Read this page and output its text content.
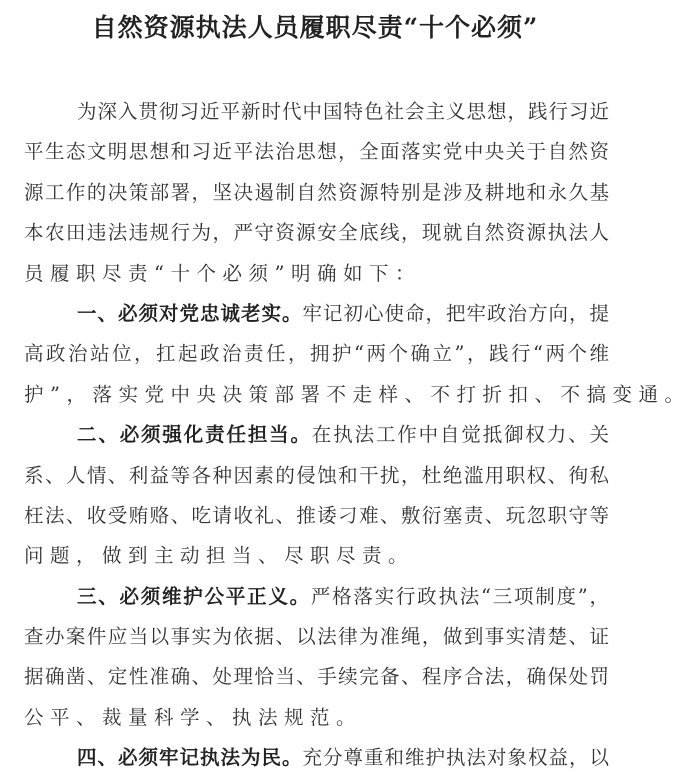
自然资源执法人员履职尽责“十个必须”
为深入贯彻习近平新时代中国特色社会主义思想，践行习近
平生态文明思想和习近平法治思想，全面落实党中央关于自然资
源工作的决策部署，坚决遏制自然资源特别是涉及耕地和永久基
本农田违法违规行为，严守资源安全底线，现就自然资源执法人
员履职尽责“十个必须”明确如下：
一、必须对党忠诚老实。牢记初心使命，把牢政治方向，提
高政治站位，扛起政治责任，拥护“两个确立”，践行“两个维
护”，落实党中央决策部署不走样、不打折扣、不搞变通。
二、必须强化责任担当。在执法工作中自觉抵御权力、关
系、人情、利益等各种因素的侵蚀和干扰，杜绝滥用职权、徇私
枉法、收受贿赂、吃请收礼、推诿刁难、敷衍塞责、玩忽职守等
问题，做到主动担当、尽职尽责。
三、必须维护公平正义。严格落实行政执法“三项制度”，
查办案件应当以事实为依据、以法律为准绳，做到事实清楚、证
据确凿、定性准确、处理恰当、手续完备、程序合法，确保处罚
公平、裁量科学、执法规范。
四、必须牢记执法为民。充分尊重和维护执法对象权益，以
